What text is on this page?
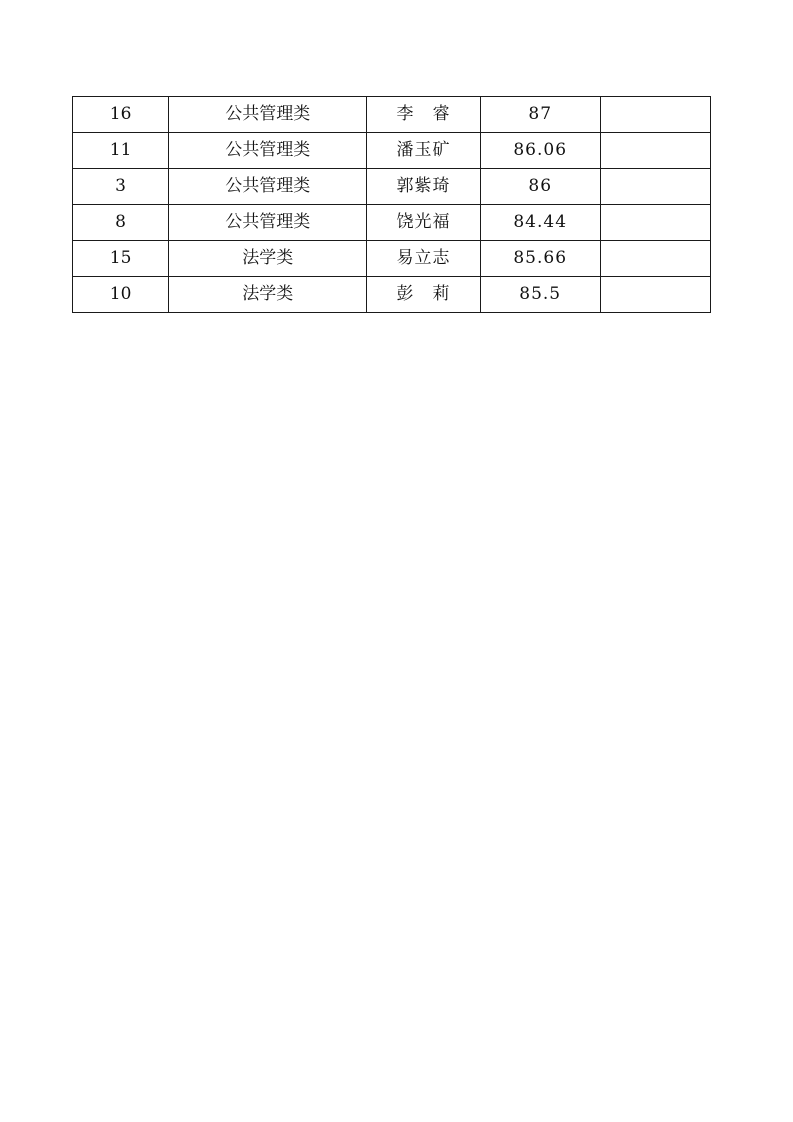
16	公共管理类	李　睿	87	
11	公共管理类	潘玉矿	86.06	
3	公共管理类	郭紫琦	86	
8	公共管理类	饶光福	84.44	
15	法学类	易立志	85.66	
10	法学类	彭　莉	85.5	
